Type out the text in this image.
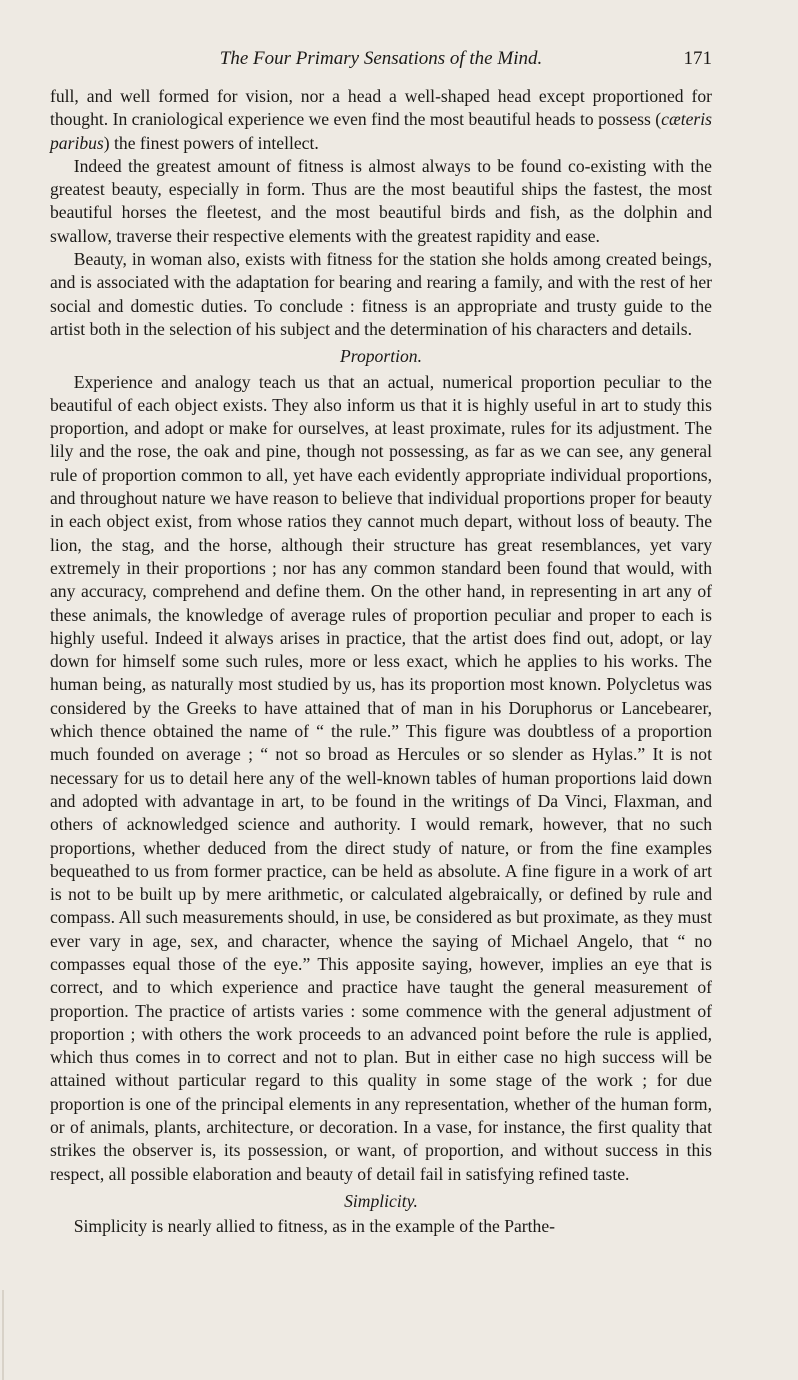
The Four Primary Sensations of the Mind.	171

full, and well formed for vision, nor a head a well-shaped head except proportioned for thought. In craniological experience we even find the most beautiful heads to possess (cæteris paribus) the finest powers of intellect.

Indeed the greatest amount of fitness is almost always to be found co-existing with the greatest beauty, especially in form. Thus are the most beautiful ships the fastest, the most beautiful horses the fleetest, and the most beautiful birds and fish, as the dolphin and swallow, traverse their respective elements with the greatest rapidity and ease.

Beauty, in woman also, exists with fitness for the station she holds among created beings, and is associated with the adaptation for bearing and rearing a family, and with the rest of her social and domestic duties. To conclude : fitness is an appropriate and trusty guide to the artist both in the selection of his subject and the determination of his characters and details.

Proportion.

Experience and analogy teach us that an actual, numerical proportion peculiar to the beautiful of each object exists. They also inform us that it is highly useful in art to study this proportion, and adopt or make for ourselves, at least proximate, rules for its adjustment. The lily and the rose, the oak and pine, though not possessing, as far as we can see, any general rule of proportion common to all, yet have each evidently appropriate individual proportions, and throughout nature we have reason to believe that individual proportions proper for beauty in each object exist, from whose ratios they cannot much depart, without loss of beauty. The lion, the stag, and the horse, although their structure has great resemblances, yet vary extremely in their proportions ; nor has any common standard been found that would, with any accuracy, comprehend and define them. On the other hand, in representing in art any of these animals, the knowledge of average rules of proportion peculiar and proper to each is highly useful. Indeed it always arises in practice, that the artist does find out, adopt, or lay down for himself some such rules, more or less exact, which he applies to his works. The human being, as naturally most studied by us, has its proportion most known. Polycletus was considered by the Greeks to have attained that of man in his Doruphorus or Lancebearer, which thence obtained the name of “ the rule.” This figure was doubtless of a proportion much founded on average ; “ not so broad as Hercules or so slender as Hylas.” It is not necessary for us to detail here any of the well-known tables of human proportions laid down and adopted with advantage in art, to be found in the writings of Da Vinci, Flaxman, and others of acknowledged science and authority. I would remark, however, that no such proportions, whether deduced from the direct study of nature, or from the fine examples bequeathed to us from former practice, can be held as absolute. A fine figure in a work of art is not to be built up by mere arithmetic, or calculated algebraically, or defined by rule and compass. All such measurements should, in use, be considered as but proximate, as they must ever vary in age, sex, and character, whence the saying of Michael Angelo, that “ no compasses equal those of the eye.” This apposite saying, however, implies an eye that is correct, and to which experience and practice have taught the general measurement of proportion. The practice of artists varies : some commence with the general adjustment of proportion ; with others the work proceeds to an advanced point before the rule is applied, which thus comes in to correct and not to plan. But in either case no high success will be attained without particular regard to this quality in some stage of the work ; for due proportion is one of the principal elements in any representation, whether of the human form, or of animals, plants, architecture, or decoration. In a vase, for instance, the first quality that strikes the observer is, its possession, or want, of proportion, and without success in this respect, all possible elaboration and beauty of detail fail in satisfying refined taste.

Simplicity.

Simplicity is nearly allied to fitness, as in the example of the Parthe-
